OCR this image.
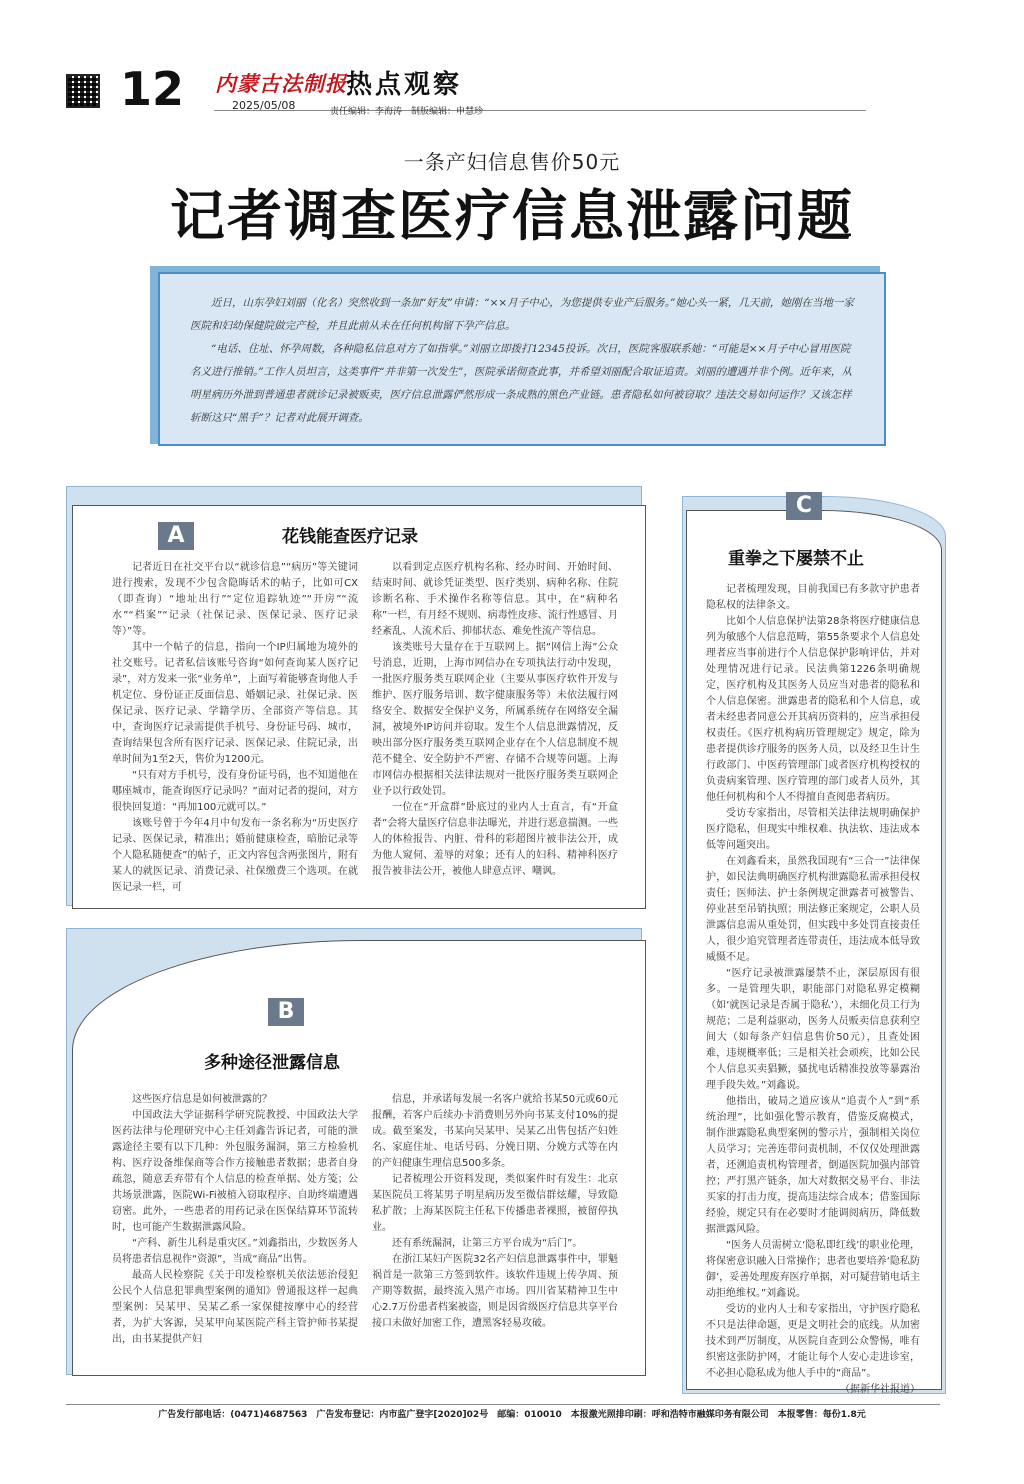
12 内蒙古法制报
2025/05/08
热点观察
责任编辑：李海涛　制版编辑：申慧珍
一条产妇信息售价50元
记者调查医疗信息泄露问题

近日，山东孕妇刘丽（化名）突然收到一条加“好友”申请：“××月子中心，为您提供专业产后服务。”她心头一紧，几天前，她刚在当地一家医院和妇幼保健院做完产检，并且此前从未在任何机构留下孕产信息。

“电话、住址、怀孕周数，各种隐私信息对方了如指掌。”刘丽立即拨打12345投诉。次日，医院客服联系她：“可能是××月子中心冒用医院名义进行推销。”工作人员坦言，这类事件“并非第一次发生”，医院承诺彻查此事，并希望刘丽配合取证追责。刘丽的遭遇并非个例。近年来，从明星病历外泄到普通患者就诊记录被贩卖，医疗信息泄露俨然形成一条成熟的黑色产业链。患者隐私如何被窃取？违法交易如何运作？又该怎样斩断这只“黑手”？记者对此展开调查。

A	花钱能查医疗记录

记者近日在社交平台以“就诊信息”“病历”等关键词进行搜索，发现不少包含隐晦话术的帖子，比如可CX（即查询）“地址出行”“定位追踪轨迹”“开房”“流水”“档案”“记录（社保记录、医保记录、医疗记录等）”等。

其中一个帖子的信息，指向一个IP归属地为境外的社交账号。记者私信该账号咨询“如何查询某人医疗记录”，对方发来一张“业务单”，上面写着能够查询他人手机定位、身份证正反面信息、婚姻记录、社保记录、医保记录、医疗记录、学籍学历、全部资产等信息。其中，查询医疗记录需提供手机号、身份证号码、城市，查询结果包含所有医疗记录、医保记录、住院记录，出单时间为1至2天，售价为1200元。

“只有对方手机号，没有身份证号码，也不知道他在哪座城市，能查询医疗记录吗？”面对记者的提问，对方很快回复道：“再加100元就可以。”

该账号曾于今年4月中旬发布一条名称为“历史医疗记录、医保记录，精准出；婚前健康检查，暗胎记录等个人隐私随便查”的帖子，正文内容包含两张图片，附有某人的就医记录、消费记录、社保缴费三个选项。在就医记录一栏，可

以看到定点医疗机构名称、经办时间、开始时间、结束时间、就诊凭证类型、医疗类别、病种名称、住院诊断名称、手术操作名称等信息。其中，在“病种名称”一栏，有月经不规则、病毒性皮疹、流行性感冒、月经紊乱、人流术后、抑郁状态、难免性流产等信息。

该类账号大量存在于互联网上。据“网信上海”公众号消息，近期，上海市网信办在专项执法行动中发现，一批医疗服务类互联网企业（主要从事医疗软件开发与维护、医疗服务培训、数字健康服务等）未依法履行网络安全、数据安全保护义务，所属系统存在网络安全漏洞，被境外IP访问并窃取。发生个人信息泄露情况，反映出部分医疗服务类互联网企业存在个人信息制度不规范不健全、安全防护不严密、存储不合规等问题。上海市网信办根据相关法律法规对一批医疗服务类互联网企业予以行政处罚。

一位在“开盒群”卧底过的业内人士直言，有“开盒者”会将大量医疗信息非法曝光，并进行恶意揣测。一些人的体检报告、内脏、骨科的彩超图片被非法公开，成为他人窥伺、羞辱的对象；还有人的妇科、精神科医疗报告被非法公开，被他人肆意点评、嘲讽。

B
多种途径泄露信息

这些医疗信息是如何被泄露的？

中国政法大学证据科学研究院教授、中国政法大学医药法律与伦理研究中心主任刘鑫告诉记者，可能的泄露途径主要有以下几种：外包服务漏洞，第三方检验机构、医疗设备维保商等合作方接触患者数据；患者自身疏忽，随意丢弃带有个人信息的检查单据、处方笺；公共场景泄露，医院Wi-Fi被植入窃取程序、自助终端遭遇窃密。此外，一些患者的用药记录在医保结算环节流转时，也可能产生数据泄露风险。

“产科、新生儿科是重灾区。”刘鑫指出，少数医务人员将患者信息视作“资源”，当成“商品”出售。

最高人民检察院《关于印发检察机关依法惩治侵犯公民个人信息犯罪典型案例的通知》曾通报这样一起典型案例：吴某甲、吴某乙系一家保健按摩中心的经营者，为扩大客源，吴某甲向某医院产科主管护师书某提出，由书某提供产妇

信息，并承诺每发展一名客户就给书某50元或60元报酬，若客户后续办卡消费则另外向书某支付10%的提成。截至案发，书某向吴某甲、吴某乙出售包括产妇姓名、家庭住址、电话号码、分娩日期、分娩方式等在内的产妇健康生理信息500多条。

记者梳理公开资料发现，类似案件时有发生：北京某医院员工将某男子明星病历发至微信群炫耀，导致隐私扩散；上海某医院主任私下传播患者裸照，被留停执业。

还有系统漏洞，让第三方平台成为“后门”。

在浙江某妇产医院32名产妇信息泄露事件中，罪魁祸首是一款第三方签到软件。该软件违规上传孕周、预产期等数据，最终流入黑产市场。四川省某精神卫生中心2.7万份患者档案被盗，则是因省级医疗信息共享平台接口未做好加密工作，遭黑客轻易攻破。

C
重拳之下屡禁不止

记者梳理发现，目前我国已有多款守护患者隐私权的法律条文。

比如个人信息保护法第28条将医疗健康信息列为敏感个人信息范畴，第55条要求个人信息处理者应当事前进行个人信息保护影响评估，并对处理情况进行记录。民法典第1226条明确规定，医疗机构及其医务人员应当对患者的隐私和个人信息保密。泄露患者的隐私和个人信息，或者未经患者同意公开其病历资料的，应当承担侵权责任。《医疗机构病历管理规定》规定，除为患者提供诊疗服务的医务人员，以及经卫生计生行政部门、中医药管理部门或者医疗机构授权的负责病案管理、医疗管理的部门或者人员外，其他任何机构和个人不得擅自查阅患者病历。

受访专家指出，尽管相关法律法规明确保护医疗隐私，但现实中维权难、执法软、违法成本低等问题突出。

在刘鑫看来，虽然我国现有“三合一”法律保护，如民法典明确医疗机构泄露隐私需承担侵权责任；医师法、护士条例规定泄露者可被警告、停业甚至吊销执照；刑法修正案规定，公职人员泄露信息需从重处罚，但实践中多处罚直接责任人，很少追究管理者连带责任，违法成本低导致威慑不足。

“医疗记录被泄露屡禁不止，深层原因有很多。一是管理失职，职能部门对隐私界定模糊（如‘就医记录是否属于隐私’），未细化员工行为规范；二是利益驱动，医务人员贩卖信息获利空间大（如每条产妇信息售价50元），且查处困难，违规概率低；三是相关社会顽疾，比如公民个人信息买卖猖獗，骚扰电话精准投放等暴露治理手段失效。”刘鑫说。

他指出，破局之道应该从“追责个人”到“系统治理”，比如强化警示教育，借鉴反腐模式，制作泄露隐私典型案例的警示片，强制相关岗位人员学习；完善连带问责机制，不仅仅处理泄露者，还溯追责机构管理者，倒逼医院加强内部管控；严打黑产链条，加大对数据交易平台、非法买家的打击力度，提高违法综合成本；借鉴国际经验，规定只有在必要时才能调阅病历，降低数据泄露风险。

“医务人员需树立‘隐私即红线’的职业伦理，将保密意识融入日常操作；患者也要培养‘隐私防御’，妥善处理废弃医疗单据，对可疑营销电话主动拒绝维权。”刘鑫说。

受访的业内人士和专家指出，守护医疗隐私不只是法律命题，更是文明社会的底线。从加密技术到严厉制度，从医院自查到公众警惕，唯有织密这张防护网，才能让每个人安心走进诊室，不必担心隐私成为他人手中的“商品”。

（据新华社报道）

广告发行部电话：(0471)4687563　广告发布登记：内市监广登字[2020]02号　邮编：010010　本报激光照排印刷：呼和浩特市融媒印务有限公司　本报零售：每份1.8元
